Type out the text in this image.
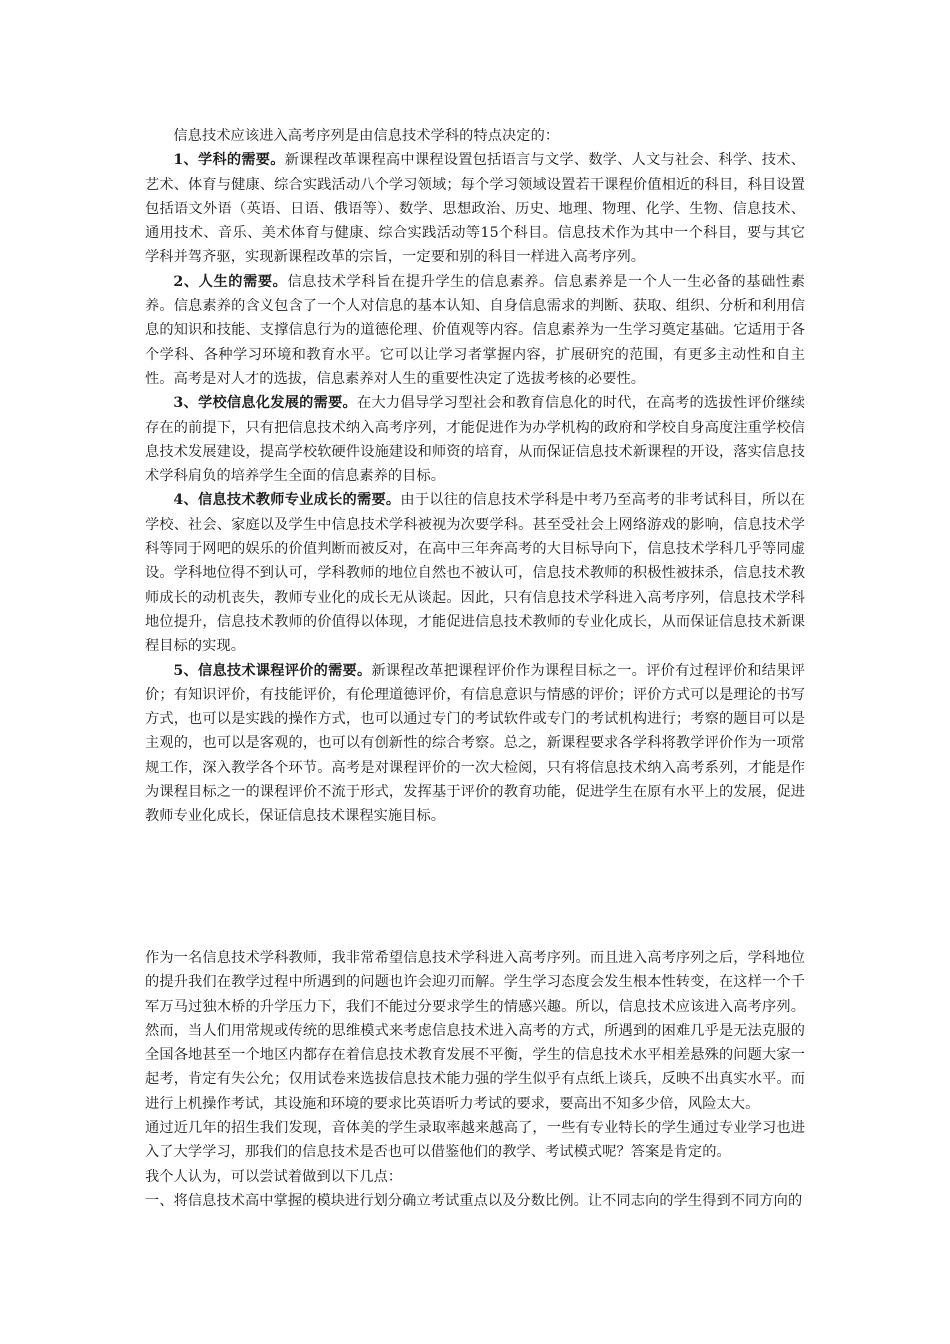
信息技术应该进入高考序列是由信息技术学科的特点决定的：

1、学科的需要。新课程改革课程高中课程设置包括语言与文学、数学、人文与社会、科学、技术、艺术、体育与健康、综合实践活动八个学习领域；每个学习领域设置若干课程价值相近的科目，科目设置包括语文外语（英语、日语、俄语等）、数学、思想政治、历史、地理、物理、化学、生物、信息技术、通用技术、音乐、美术体育与健康、综合实践活动等15个科目。信息技术作为其中一个科目，要与其它学科并驾齐驱，实现新课程改革的宗旨，一定要和别的科目一样进入高考序列。

2、人生的需要。信息技术学科旨在提升学生的信息素养。信息素养是一个人一生必备的基础性素养。信息素养的含义包含了一个人对信息的基本认知、自身信息需求的判断、获取、组织、分析和利用信息的知识和技能、支撑信息行为的道德伦理、价值观等内容。信息素养为一生学习奠定基础。它适用于各个学科、各种学习环境和教育水平。它可以让学习者掌握内容，扩展研究的范围，有更多主动性和自主性。高考是对人才的选拔，信息素养对人生的重要性决定了选拔考核的必要性。

3、学校信息化发展的需要。在大力倡导学习型社会和教育信息化的时代，在高考的选拔性评价继续存在的前提下，只有把信息技术纳入高考序列，才能促进作为办学机构的政府和学校自身高度注重学校信息技术发展建设，提高学校软硬件设施建设和师资的培育，从而保证信息技术新课程的开设，落实信息技术学科肩负的培养学生全面的信息素养的目标。

4、信息技术教师专业成长的需要。由于以往的信息技术学科是中考乃至高考的非考试科目，所以在学校、社会、家庭以及学生中信息技术学科被视为次要学科。甚至受社会上网络游戏的影响，信息技术学科等同于网吧的娱乐的价值判断而被反对，在高中三年奔高考的大目标导向下，信息技术学科几乎等同虚设。学科地位得不到认可，学科教师的地位自然也不被认可，信息技术教师的积极性被抹杀，信息技术教师成长的动机丧失，教师专业化的成长无从谈起。因此，只有信息技术学科进入高考序列，信息技术学科地位提升，信息技术教师的价值得以体现，才能促进信息技术教师的专业化成长，从而保证信息技术新课程目标的实现。

5、信息技术课程评价的需要。新课程改革把课程评价作为课程目标之一。评价有过程评价和结果评价；有知识评价，有技能评价，有伦理道德评价，有信息意识与情感的评价；评价方式可以是理论的书写方式，也可以是实践的操作方式，也可以通过专门的考试软件或专门的考试机构进行；考察的题目可以是主观的，也可以是客观的，也可以有创新性的综合考察。总之，新课程要求各学科将教学评价作为一项常规工作，深入教学各个环节。高考是对课程评价的一次大检阅，只有将信息技术纳入高考系列，才能是作为课程目标之一的课程评价不流于形式，发挥基于评价的教育功能，促进学生在原有水平上的发展，促进教师专业化成长，保证信息技术课程实施目标。

作为一名信息技术学科教师，我非常希望信息技术学科进入高考序列。而且进入高考序列之后，学科地位的提升我们在教学过程中所遇到的问题也许会迎刃而解。学生学习态度会发生根本性转变，在这样一个千军万马过独木桥的升学压力下，我们不能过分要求学生的情感兴趣。所以，信息技术应该进入高考序列。然而，当人们用常规或传统的思维模式来考虑信息技术进入高考的方式，所遇到的困难几乎是无法克服的全国各地甚至一个地区内都存在着信息技术教育发展不平衡，学生的信息技术水平相差悬殊的问题大家一起考，肯定有失公允；仅用试卷来选拔信息技术能力强的学生似乎有点纸上谈兵，反映不出真实水平。而进行上机操作考试，其设施和环境的要求比英语听力考试的要求，要高出不知多少倍，风险太大。

通过近几年的招生我们发现，音体美的学生录取率越来越高了，一些有专业特长的学生通过专业学习也进入了大学学习，那我们的信息技术是否也可以借鉴他们的教学、考试模式呢？答案是肯定的。

我个人认为，可以尝试着做到以下几点：

一、将信息技术高中掌握的模块进行划分确立考试重点以及分数比例。让不同志向的学生得到不同方向的
